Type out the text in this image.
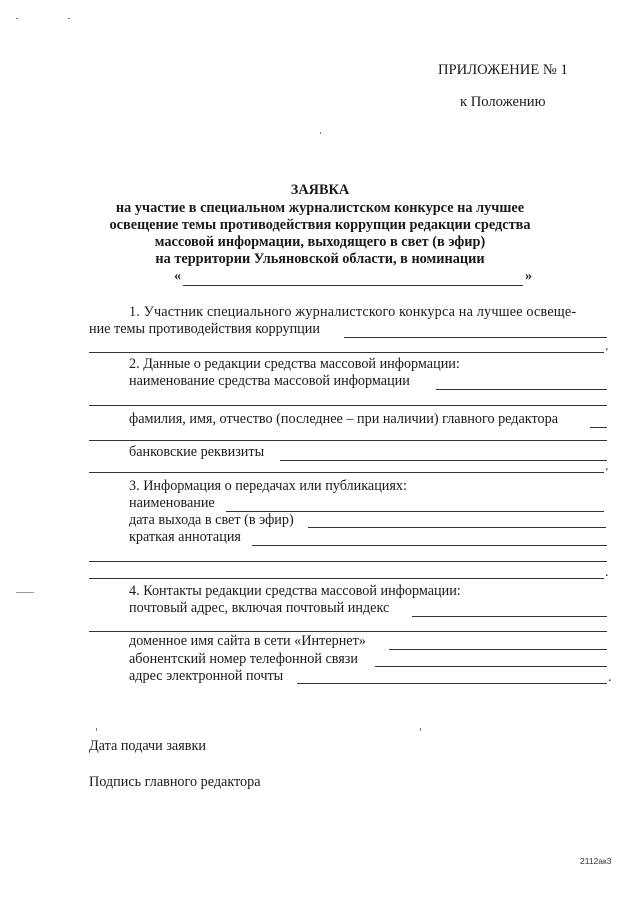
ПРИЛОЖЕНИЕ № 1
к Положению
ЗАЯВКА
на участие в специальном журналистском конкурсе на лучшее
освещение темы противодействия коррупции редакции средства
массовой информации, выходящего в свет (в эфир)
на территории Ульяновской области, в номинации
«	»
1. Участник специального журналистского конкурса на лучшее освеще-
ние темы противодействия коррупции
.
2. Данные о редакции средства массовой информации:
наименование средства массовой информации
фамилия, имя, отчество (последнее – при наличии) главного редактора
банковские реквизиты
.
3. Информация о передачах или публикациях:
наименование
дата выхода в свет (в эфир)
краткая аннотация
.
4. Контакты редакции средства массовой информации:
почтовый адрес, включая почтовый индекс
доменное имя сайта в сети «Интернет»
абонентский номер телефонной связи
адрес электронной почты	.
Дата подачи заявки
Подпись главного редактора
2112ак3
